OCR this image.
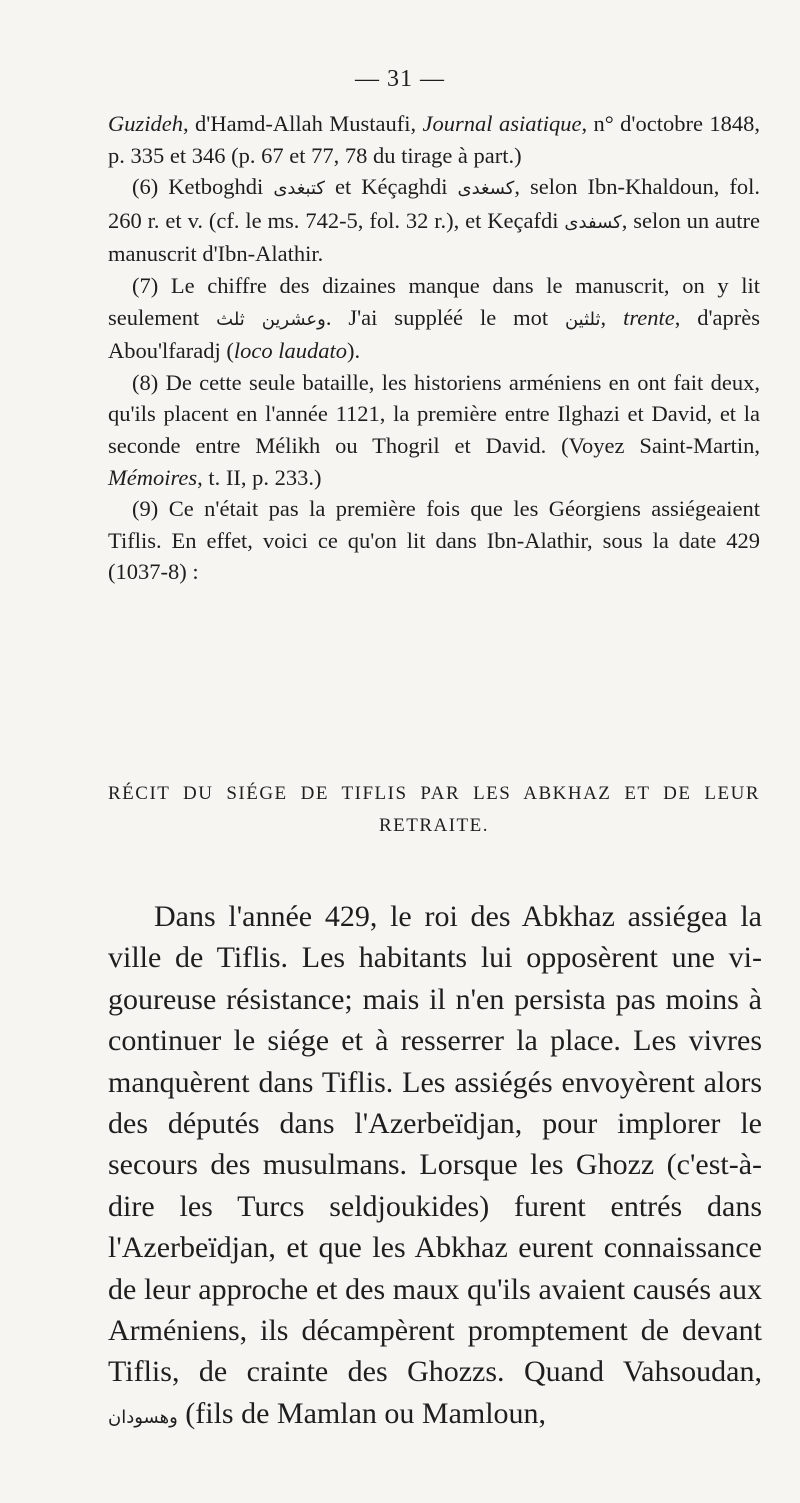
— 31 —

Guzideh, d'Hamd-Allah Mustaufi, Journal asiatique, n° d'octobre 1848, p. 335 et 346 (p. 67 et 77, 78 du tirage à part.)

(6) Ketboghdi كتبغدى et Kéçaghdi كسغدى, selon Ibn-Khaldoun, fol. 260 r. et v. (cf. le ms. 742-5, fol. 32 r.), et Keçafdi كسفدى, selon un autre manuscrit d'Ibn-Alathir.

(7) Le chiffre des dizaines manque dans le manuscrit, on y lit seulement ثلث وعشرين. J'ai suppléé le mot ثلثين, trente, d'après Abou'lfaradj (loco laudato).

(8) De cette seule bataille, les historiens arméniens en ont fait deux, qu'ils placent en l'année 1121, la première entre Ilghazi et David, et la seconde entre Mélikh ou Thogril et David. (Voyez Saint-Martin, Mémoires, t. II, p. 233.)

(9) Ce n'était pas la première fois que les Géorgiens assiégeaient Tiflis. En effet, voici ce qu'on lit dans Ibn-Alathir, sous la date 429 (1037-8) :

RÉCIT DU SIÉGE DE TIFLIS PAR LES ABKHAZ ET DE LEUR
RETRAITE.

Dans l'année 429, le roi des Abkhaz assiégea la ville de Tiflis. Les habitants lui opposèrent une vigoureuse résistance; mais il n'en persista pas moins à continuer le siége et à resserrer la place. Les vivres manquèrent dans Tiflis. Les assiégés envoyèrent alors des députés dans l'Azerbeïdjan, pour implorer le secours des musulmans. Lorsque les Ghozz (c'est-à-dire les Turcs seldjoukides) furent entrés dans l'Azerbeïdjan, et que les Abkhaz eurent connaissance de leur approche et des maux qu'ils avaient causés aux Arméniens, ils décampèrent promptement de devant Tiflis, de crainte des Ghozzs. Quand Vahsoudan, وهسودان (fils de Mamlan ou Mamloun,
